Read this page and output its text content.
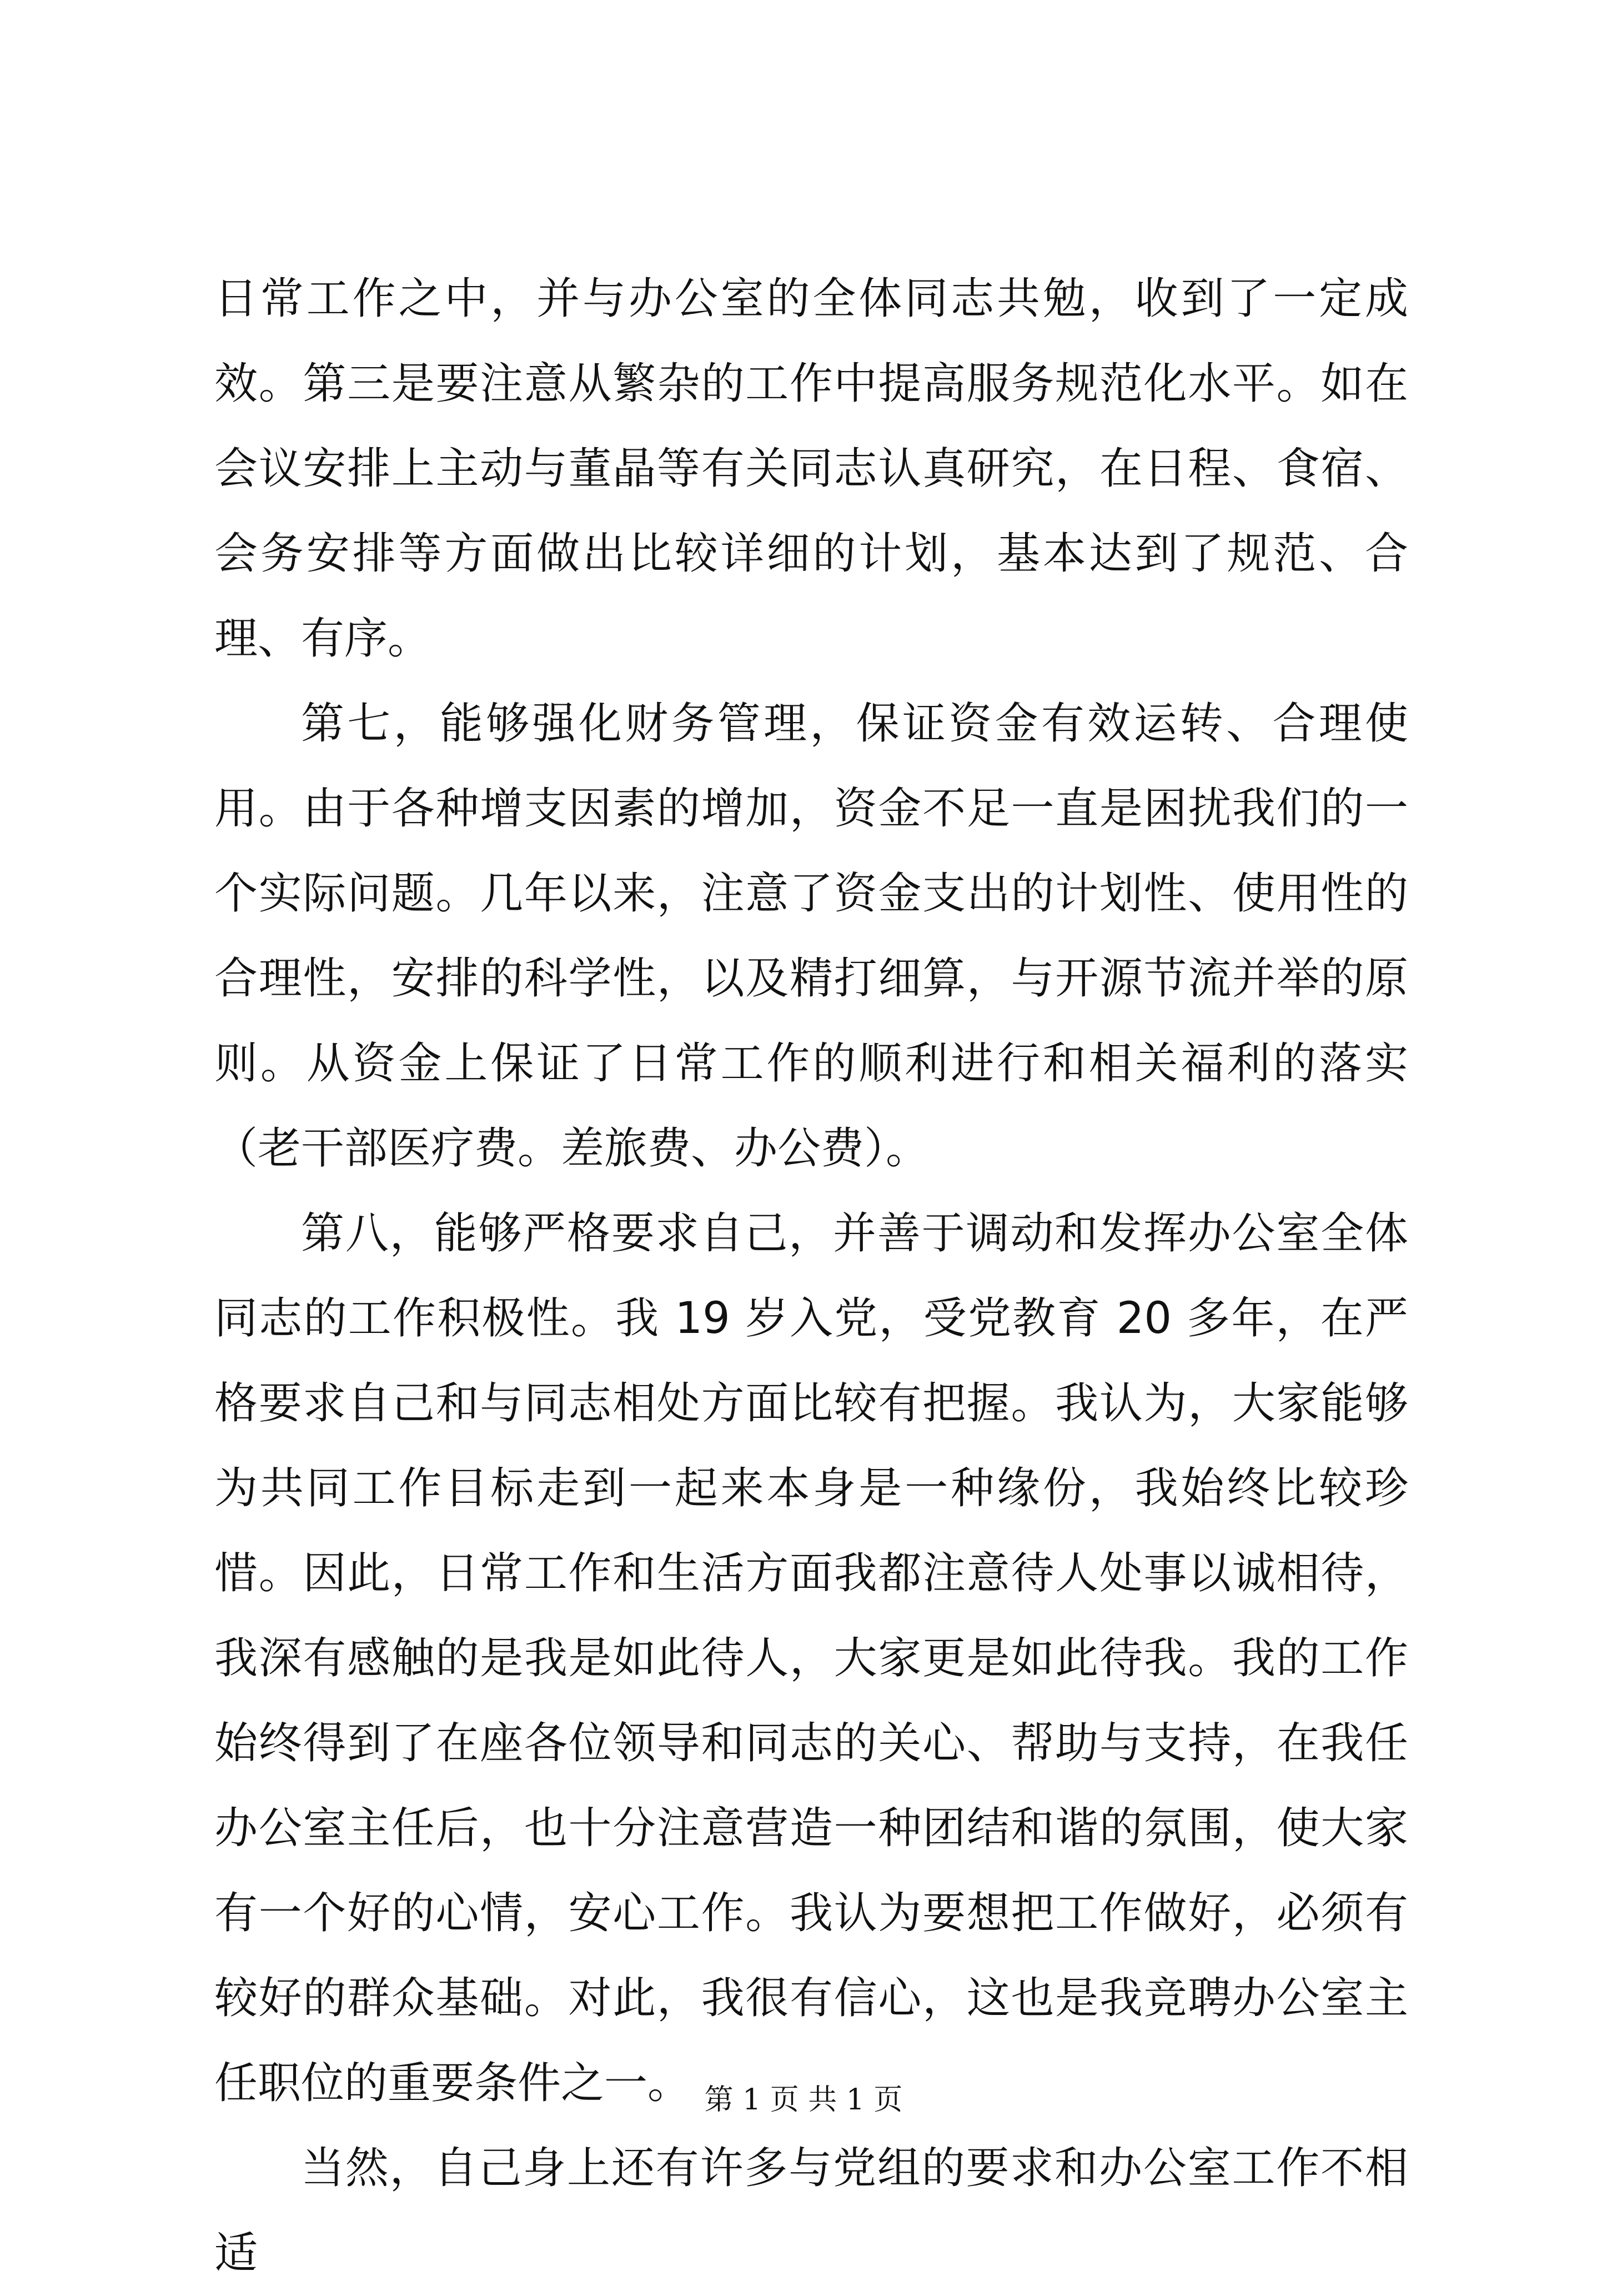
日常工作之中，并与办公室的全体同志共勉，收到了一定成效。第三是要注意从繁杂的工作中提高服务规范化水平。如在会议安排上主动与董晶等有关同志认真研究，在日程、食宿、会务安排等方面做出比较详细的计划，基本达到了规范、合理、有序。

第七，能够强化财务管理，保证资金有效运转、合理使用。由于各种增支因素的增加，资金不足一直是困扰我们的一个实际问题。几年以来，注意了资金支出的计划性、使用性的合理性，安排的科学性，以及精打细算，与开源节流并举的原则。从资金上保证了日常工作的顺利进行和相关福利的落实（老干部医疗费。差旅费、办公费）。

第八，能够严格要求自己，并善于调动和发挥办公室全体同志的工作积极性。我 19 岁入党，受党教育 20 多年，在严格要求自己和与同志相处方面比较有把握。我认为，大家能够为共同工作目标走到一起来本身是一种缘份，我始终比较珍惜。因此，日常工作和生活方面我都注意待人处事以诚相待，我深有感触的是我是如此待人，大家更是如此待我。我的工作始终得到了在座各位领导和同志的关心、帮助与支持，在我任办公室主任后，也十分注意营造一种团结和谐的氛围，使大家有一个好的心情，安心工作。我认为要想把工作做好，必须有较好的群众基础。对此，我很有信心，这也是我竞聘办公室主任职位的重要条件之一。

当然，自己身上还有许多与党组的要求和办公室工作不相适

第 1 页 共 1 页
